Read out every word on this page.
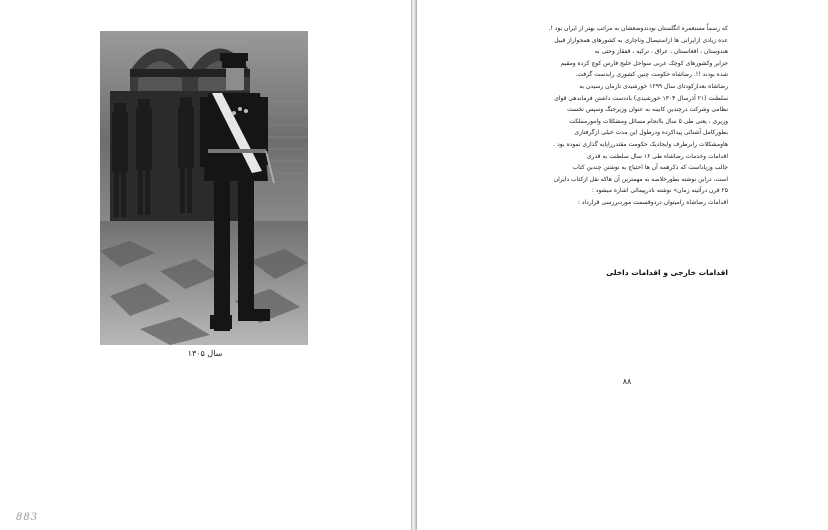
سال ۱۳۰۵
883
که رسماً مستعمره انگلستان بودندوضعشان به مراتب بهتر از ایران بود !.
عده زیادی ازایرانی ها ازاستیصال وناچاری به کشورهای همجواراز قبیل
هندوستان ، افغانستان ، عراق ، ترکیه ، قفقاز وحتی به
جزایر وکشورهای کوچک عربی سواحل خلیج فارس کوچ کرده ومقیم
شده بودند !!. رضاشاه حکومت چنین کشوری رابدست گرفت.
رضاشاه بعدازکودتای سال ۱۲۹۹ خورشیدی تازمان رسیدن به
سلطنت (۲۱ آذرسال ۱۳۰۴ خورشیدی) باددست داشتن فرماندهی قوای
نظامی وشرکت درچندین کابینه به عنوان وزیرجنگ وسپس نخست
وزیری ، یعنی طی ۵ سال باانجام مسائل ومشکلات وامورمملکت
بطورکامل آشنائی پیداکرده ودرطول این مدت خیلی ازگرفتاری
هاومشکلات رابرطرف وایجادیک حکومت مقتدرراپایه گذاری نموده بود .
اقدامات وخدمات رضاشاه طی ۱۶ سال سلطنت به قدری
جالب وزیاداست که ذکرهمه آن ها احتیاج به نوشتن چندین کتاب
است، دراین نوشته بطورخلاصه به مهمترین آن هاکه نقل ازکتاب دایران
۲۵ قرن درآئینه زمان» نوشته نادرپیمائی اشاره میشود :
اقدامات رضاشاه رامیتوان دردوقسمت موردبررسی قرارداد :
اقدامات خارجی و اقدامات داخلی
۸۸
